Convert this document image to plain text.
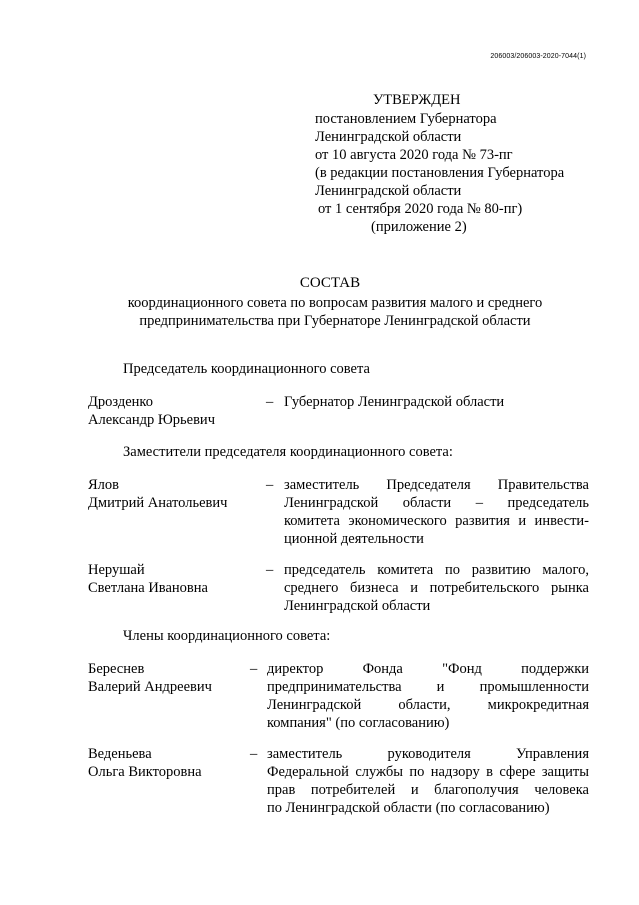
206003/206003-2020-7044(1)
УТВЕРЖДЕН
постановлением Губернатора
Ленинградской области
от 10 августа 2020 года № 73-пг
(в редакции постановления Губернатора
Ленинградской области
от 1 сентября 2020 года № 80-пг)
(приложение 2)
СОСТАВ
координационного совета по вопросам развития малого и среднего
предпринимательства при Губернаторе Ленинградской области
Председатель координационного совета
Дрозденко
Александр Юрьевич
– Губернатор Ленинградской области
Заместители председателя координационного совета:
Ялов
Дмитрий Анатольевич
– заместитель Председателя Правительства
Ленинградской области – председатель
комитета экономического развития и инвести-
ционной деятельности
Нерушай
Светлана Ивановна
– председатель комитета по развитию малого,
среднего бизнеса и потребительского рынка
Ленинградской области
Члены координационного совета:
Береснев
Валерий Андреевич
– директор Фонда "Фонд поддержки
предпринимательства и промышленности
Ленинградской области, микрокредитная
компания" (по согласованию)
Веденьева
Ольга Викторовна
– заместитель руководителя Управления
Федеральной службы по надзору в сфере защиты
прав потребителей и благополучия человека
по Ленинградской области (по согласованию)
